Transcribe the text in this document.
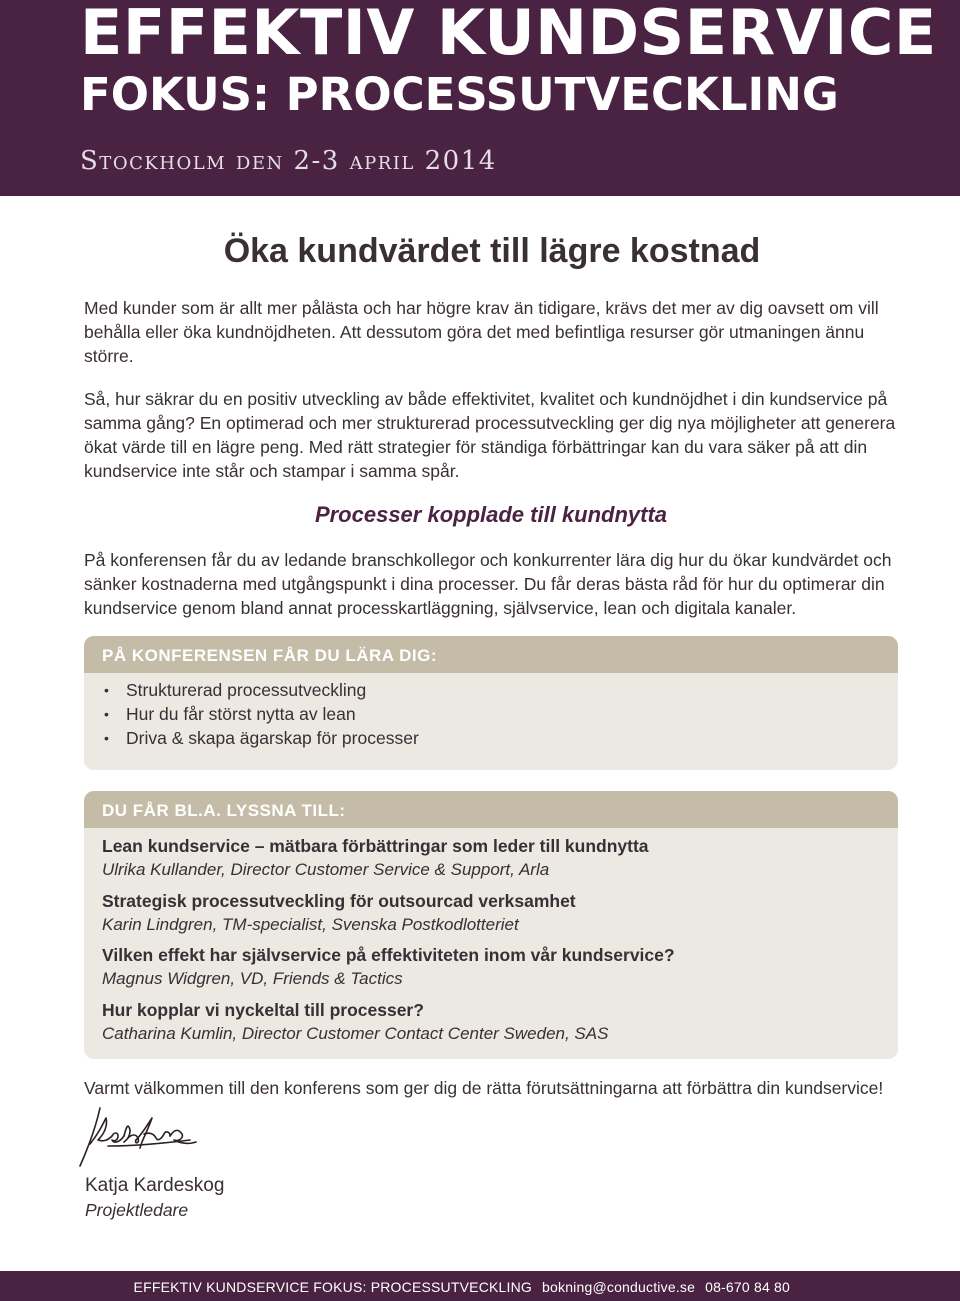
EFFEKTIV KUNDSERVICE
FOKUS: PROCESSUTVECKLING
Stockholm den 2-3 april 2014
Öka kundvärdet till lägre kostnad
Med kunder som är allt mer pålästa och har högre krav än tidigare, krävs det mer av dig oavsett om vill behålla eller öka kundnöjdheten. Att dessutom göra det med befintliga resurser gör utmaningen ännu större.
Så, hur säkrar du en positiv utveckling av både effektivitet, kvalitet och kundnöjdhet i din kundservice på samma gång? En optimerad och mer strukturerad processutveckling ger dig nya möjligheter att generera ökat värde till en lägre peng. Med rätt strategier för ständiga förbättringar kan du vara säker på att din kundservice inte står och stampar i samma spår.
Processer kopplade till kundnytta
På konferensen får du av ledande branschkollegor och konkurrenter lära dig hur du ökar kundvärdet och sänker kostnaderna med utgångspunkt i dina processer. Du får deras bästa råd för hur du optimerar din kundservice genom bland annat processkartläggning, självservice, lean och digitala kanaler.
PÅ KONFERENSEN FÅR DU LÄRA DIG:
• Strukturerad processutveckling
• Hur du får störst nytta av lean
• Driva & skapa ägarskap för processer
DU FÅR BL.A. LYSSNA TILL:
Lean kundservice – mätbara förbättringar som leder till kundnytta
Ulrika Kullander, Director Customer Service & Support, Arla
Strategisk processutveckling för outsourcad verksamhet
Karin Lindgren, TM-specialist, Svenska Postkodlotteriet
Vilken effekt har självservice på effektiviteten inom vår kundservice?
Magnus Widgren, VD, Friends & Tactics
Hur kopplar vi nyckeltal till processer?
Catharina Kumlin, Director Customer Contact Center Sweden, SAS
Varmt välkommen till den konferens som ger dig de rätta förutsättningarna att förbättra din kundservice!
Katja Kardeskog
Projektledare
EFFEKTIV KUNDSERVICE FOKUS: PROCESSUTVECKLING bokning@conductive.se 08-670 84 80
